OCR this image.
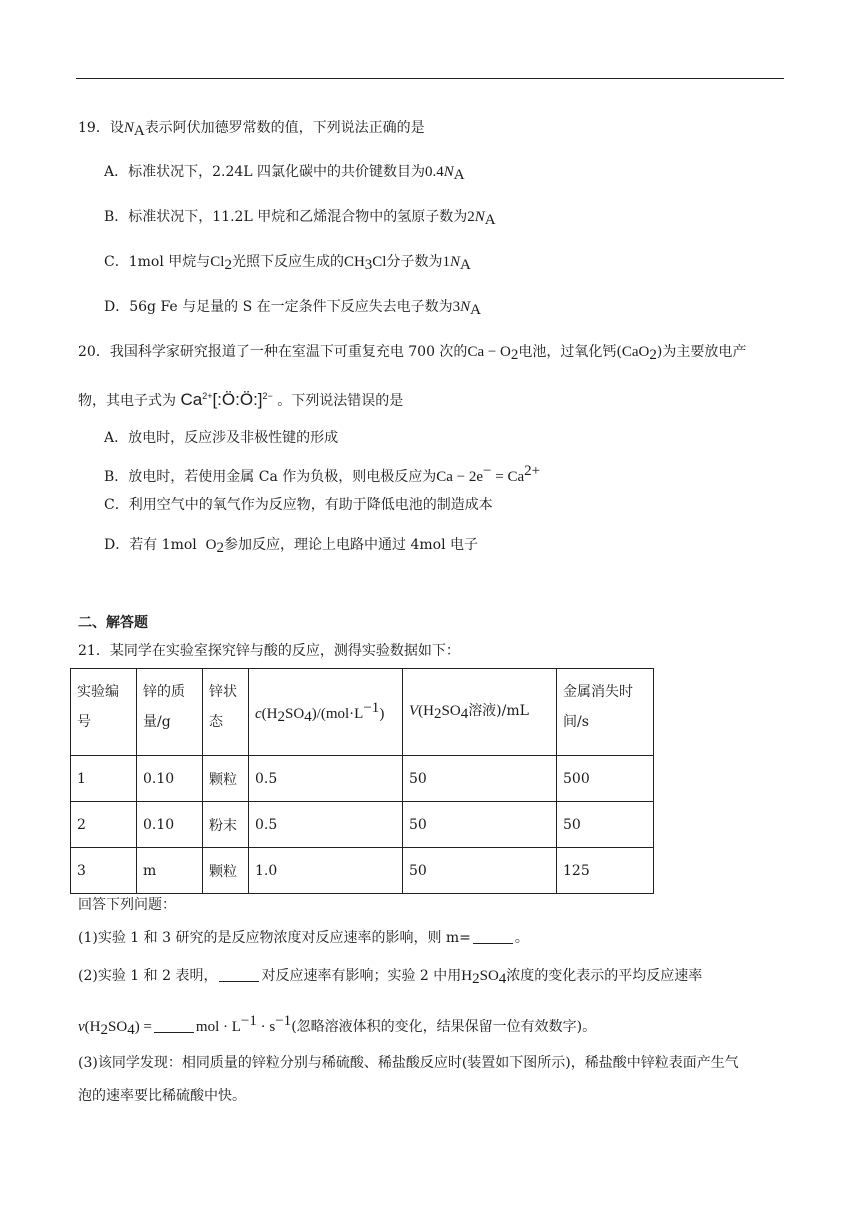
19．设$N_A$表示阿伏加德罗常数的值，下列说法正确的是
A．标准状况下，2.24L 四氯化碳中的共价键数目为$0.4N_A$
B．标准状况下，11.2L 甲烷和乙烯混合物中的氢原子数为$2N_A$
C．1mol 甲烷与$Cl_2$光照下反应生成的$CH_3Cl$分子数为$1N_A$
D．56g Fe 与足量的 S 在一定条件下反应失去电子数为$3N_A$
20．我国科学家研究报道了一种在室温下可重复充电 700 次的$Ca - O_2$电池，过氧化钙(CaO$_2$)为主要放电产
物，其电子式为 $Ca^{2+}[:Ö:Ö:]^{2-}$ 。下列说法错误的是
A．放电时，反应涉及非极性键的形成
B．放电时，若使用金属 Ca 作为负极，则电极反应为$Ca - 2e^- = Ca^{2+}$
C．利用空气中的氧气作为反应物，有助于降低电池的制造成本
D．若有 1mol $O_2$参加反应，理论上电路中通过 4mol 电子
二、解答题
21．某同学在实验室探究锌与酸的反应，测得实验数据如下：
实验编号	锌的质量/g	锌状态	$c(H_2SO_4)/(mol\cdot L^{-1})$	$V(H_2SO_4$溶液)/mL	金属消失时间/s
1	0.10	颗粒	0.5	50	500
2	0.10	粉末	0.5	50	50
3	m	颗粒	1.0	50	125
回答下列问题：
(1)实验 1 和 3 研究的是反应物浓度对反应速率的影响，则 m=	。
(2)实验 1 和 2 表明，	对反应速率有影响；实验 2 中用$H_2SO_4$浓度的变化表示的平均反应速率
$v(H_2SO_4)$ =	mol · $L^{-1} \cdot s^{-1}$(忽略溶液体积的变化，结果保留一位有效数字)。
(3)该同学发现：相同质量的锌粒分别与稀硫酸、稀盐酸反应时(装置如下图所示)，稀盐酸中锌粒表面产生气
泡的速率要比稀硫酸中快。
